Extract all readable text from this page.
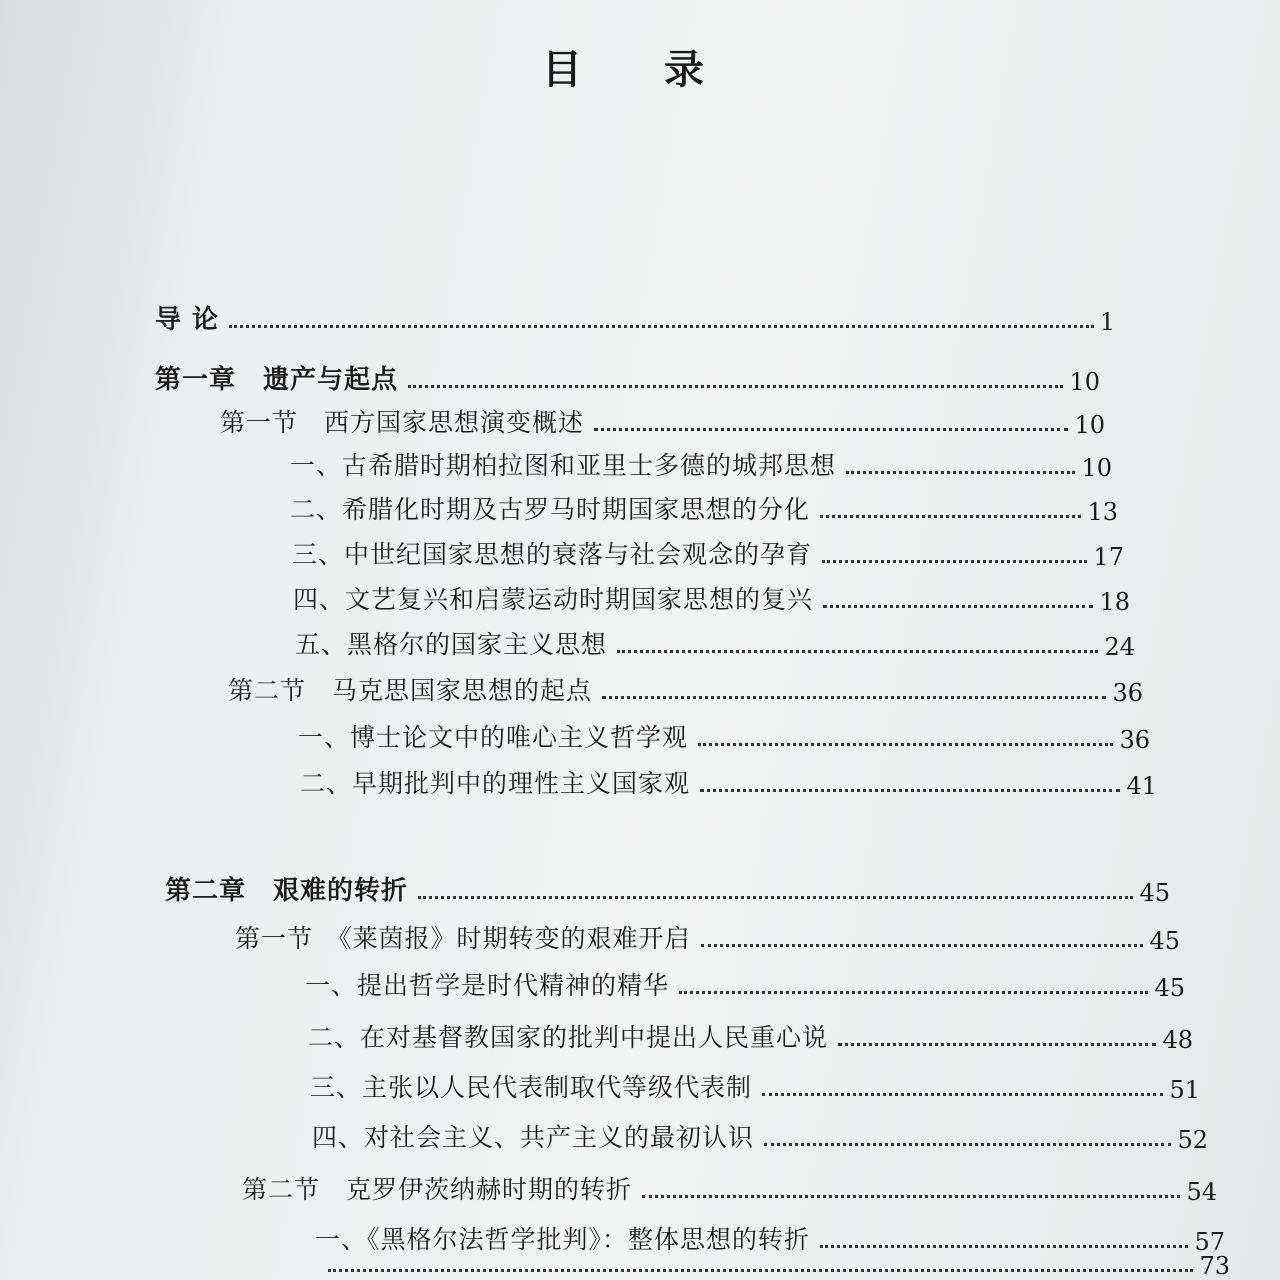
目 录
导 论	1
第一章　遗产与起点	10
第一节　西方国家思想演变概述	10
一、古希腊时期柏拉图和亚里士多德的城邦思想	10
二、希腊化时期及古罗马时期国家思想的分化	13
三、中世纪国家思想的衰落与社会观念的孕育	17
四、文艺复兴和启蒙运动时期国家思想的复兴	18
五、黑格尔的国家主义思想	24
第二节　马克思国家思想的起点	36
一、博士论文中的唯心主义哲学观	36
二、早期批判中的理性主义国家观	41
第二章　艰难的转折	45
第一节　《莱茵报》时期转变的艰难开启	45
一、提出哲学是时代精神的精华	45
二、在对基督教国家的批判中提出人民重心说	48
三、主张以人民代表制取代等级代表制	51
四、对社会主义、共产主义的最初认识	52
第二节　克罗伊茨纳赫时期的转折	54
一、《黑格尔法哲学批判》：整体思想的转折	57
73
